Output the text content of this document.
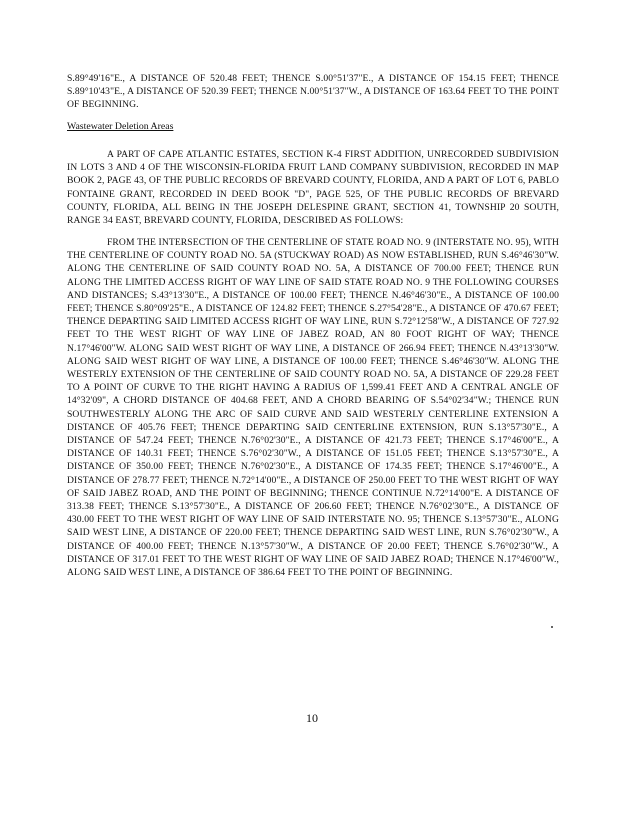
S.89°49'16"E., A DISTANCE OF 520.48 FEET; THENCE S.00°51'37"E., A DISTANCE OF 154.15 FEET; THENCE S.89°10'43"E., A DISTANCE OF 520.39 FEET; THENCE N.00°51'37"W., A DISTANCE OF 163.64 FEET TO THE POINT OF BEGINNING.

Wastewater Deletion Areas

A PART OF CAPE ATLANTIC ESTATES, SECTION K-4 FIRST ADDITION, UNRECORDED SUBDIVISION IN LOTS 3 AND 4 OF THE WISCONSIN-FLORIDA FRUIT LAND COMPANY SUBDIVISION, RECORDED IN MAP BOOK 2, PAGE 43, OF THE PUBLIC RECORDS OF BREVARD COUNTY, FLORIDA, AND A PART OF LOT 6, PABLO FONTAINE GRANT, RECORDED IN DEED BOOK "D", PAGE 525, OF THE PUBLIC RECORDS OF BREVARD COUNTY, FLORIDA, ALL BEING IN THE JOSEPH DELESPINE GRANT, SECTION 41, TOWNSHIP 20 SOUTH, RANGE 34 EAST, BREVARD COUNTY, FLORIDA, DESCRIBED AS FOLLOWS:

FROM THE INTERSECTION OF THE CENTERLINE OF STATE ROAD NO. 9 (INTERSTATE NO. 95), WITH THE CENTERLINE OF COUNTY ROAD NO. 5A (STUCKWAY ROAD) AS NOW ESTABLISHED, RUN S.46°46'30"W. ALONG THE CENTERLINE OF SAID COUNTY ROAD NO. 5A, A DISTANCE OF 700.00 FEET; THENCE RUN ALONG THE LIMITED ACCESS RIGHT OF WAY LINE OF SAID STATE ROAD NO. 9 THE FOLLOWING COURSES AND DISTANCES; S.43°13'30"E., A DISTANCE OF 100.00 FEET; THENCE N.46°46'30"E., A DISTANCE OF 100.00 FEET; THENCE S.80°09'25"E., A DISTANCE OF 124.82 FEET; THENCE S.27°54'28"E., A DISTANCE OF 470.67 FEET; THENCE DEPARTING SAID LIMITED ACCESS RIGHT OF WAY LINE, RUN S.72°12'58"W., A DISTANCE OF 727.92 FEET TO THE WEST RIGHT OF WAY LINE OF JABEZ ROAD, AN 80 FOOT RIGHT OF WAY; THENCE N.17°46'00"W. ALONG SAID WEST RIGHT OF WAY LINE, A DISTANCE OF 266.94 FEET; THENCE N.43°13'30"W. ALONG SAID WEST RIGHT OF WAY LINE, A DISTANCE OF 100.00 FEET; THENCE S.46°46'30"W. ALONG THE WESTERLY EXTENSION OF THE CENTERLINE OF SAID COUNTY ROAD NO. 5A, A DISTANCE OF 229.28 FEET TO A POINT OF CURVE TO THE RIGHT HAVING A RADIUS OF 1,599.41 FEET AND A CENTRAL ANGLE OF 14°32'09", A CHORD DISTANCE OF 404.68 FEET, AND A CHORD BEARING OF S.54°02'34"W.; THENCE RUN SOUTHWESTERLY ALONG THE ARC OF SAID CURVE AND SAID WESTERLY CENTERLINE EXTENSION A DISTANCE OF 405.76 FEET; THENCE DEPARTING SAID CENTERLINE EXTENSION, RUN S.13°57'30"E., A DISTANCE OF 547.24 FEET; THENCE N.76°02'30"E., A DISTANCE OF 421.73 FEET; THENCE S.17°46'00"E., A DISTANCE OF 140.31 FEET; THENCE S.76°02'30"W., A DISTANCE OF 151.05 FEET; THENCE S.13°57'30"E., A DISTANCE OF 350.00 FEET; THENCE N.76°02'30"E., A DISTANCE OF 174.35 FEET; THENCE S.17°46'00"E., A DISTANCE OF 278.77 FEET; THENCE N.72°14'00"E., A DISTANCE OF 250.00 FEET TO THE WEST RIGHT OF WAY OF SAID JABEZ ROAD, AND THE POINT OF BEGINNING; THENCE CONTINUE N.72°14'00"E. A DISTANCE OF 313.38 FEET; THENCE S.13°57'30"E., A DISTANCE OF 206.60 FEET; THENCE N.76°02'30"E., A DISTANCE OF 430.00 FEET TO THE WEST RIGHT OF WAY LINE OF SAID INTERSTATE NO. 95; THENCE S.13°57'30"E., ALONG SAID WEST LINE, A DISTANCE OF 220.00 FEET; THENCE DEPARTING SAID WEST LINE, RUN S.76°02'30"W., A DISTANCE OF 400.00 FEET; THENCE N.13°57'30"W., A DISTANCE OF 20.00 FEET; THENCE S.76°02'30"W., A DISTANCE OF 317.01 FEET TO THE WEST RIGHT OF WAY LINE OF SAID JABEZ ROAD; THENCE N.17°46'00"W., ALONG SAID WEST LINE, A DISTANCE OF 386.64 FEET TO THE POINT OF BEGINNING.

10
